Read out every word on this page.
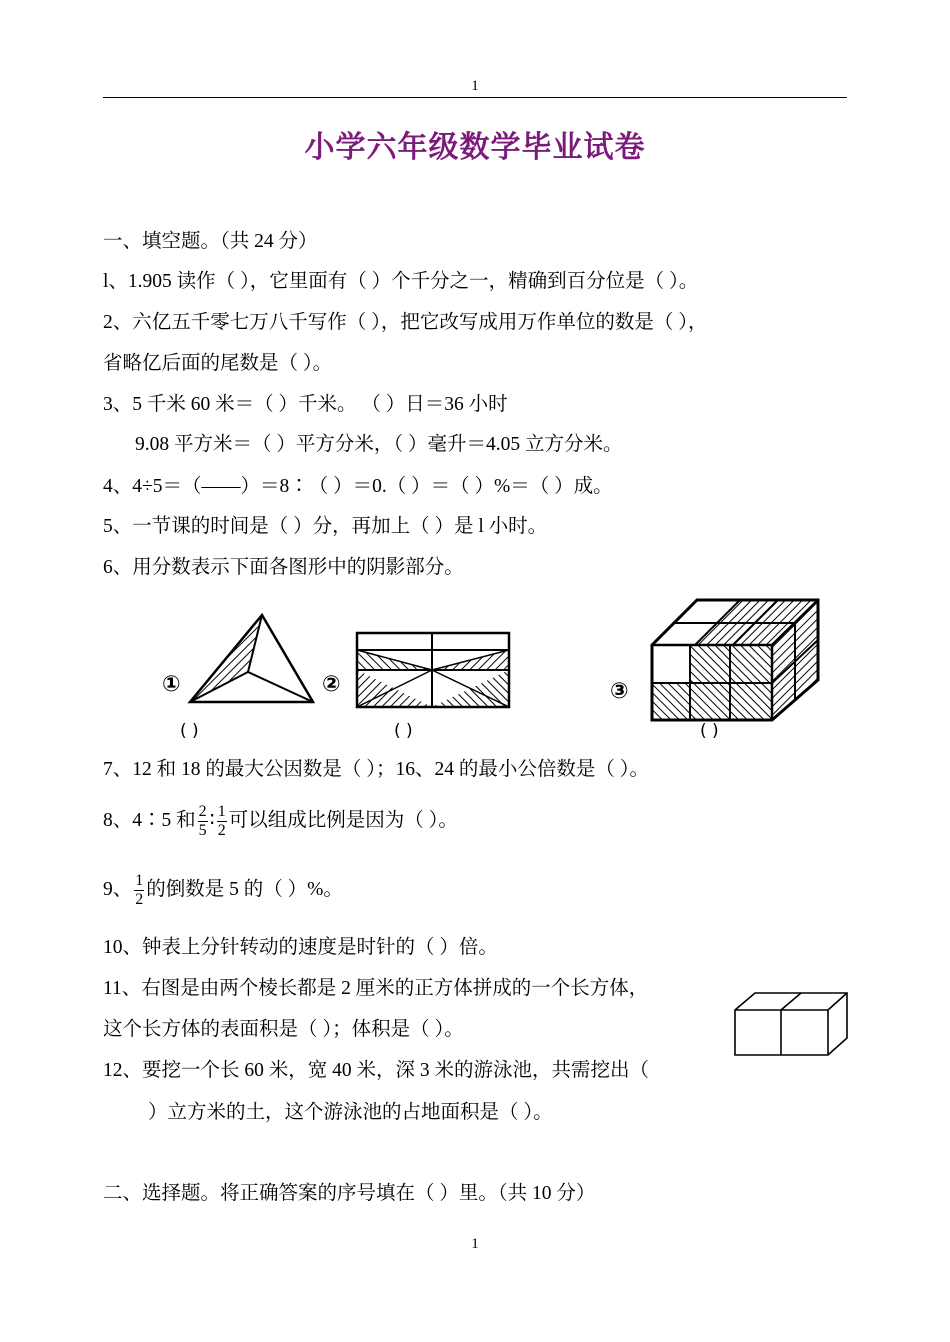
1
小学六年级数学毕业试卷
一、填空题。（共 24 分）
l、1.905 读作（ ），它里面有（ ）个千分之一，精确到百分位是（ ）。
2、六亿五千零七万八千写作（ ），把它改写成用万作单位的数是（ ），
省略亿后面的尾数是（ ）。
3、5 千米 60 米＝（ ）千米。 （ ）日＝36 小时
9.08 平方米＝（ ）平方分米，（ ）毫升＝4.05 立方分米。
4、4÷5＝（——）＝8∶（ ）＝0.（ ）＝（ ）%＝（ ）成。
5、一节课的时间是（ ）分，再加上（ ）是 l 小时。
6、用分数表示下面各图形中的阴影部分。
①
( )
②
( )
③
( )
7、12 和 18 的最大公因数是（ ）；16、24 的最小公倍数是（ ）。
8、4∶5 和 $\frac{2}{5}$ ∶ $\frac{1}{2}$ 可以组成比例是因为（ ）。
9、 $\frac{1}{2}$ 的倒数是 5 的（ ）%。
10、钟表上分针转动的速度是时针的（ ）倍。
11、右图是由两个棱长都是 2 厘米的正方体拼成的一个长方体，
这个长方体的表面积是（ ）；体积是（ ）。
12、要挖一个长 60 米，宽 40 米，深 3 米的游泳池，共需挖出（
）立方米的土，这个游泳池的占地面积是（ ）。
二、选择题。将正确答案的序号填在（ ）里。（共 10 分）
1
